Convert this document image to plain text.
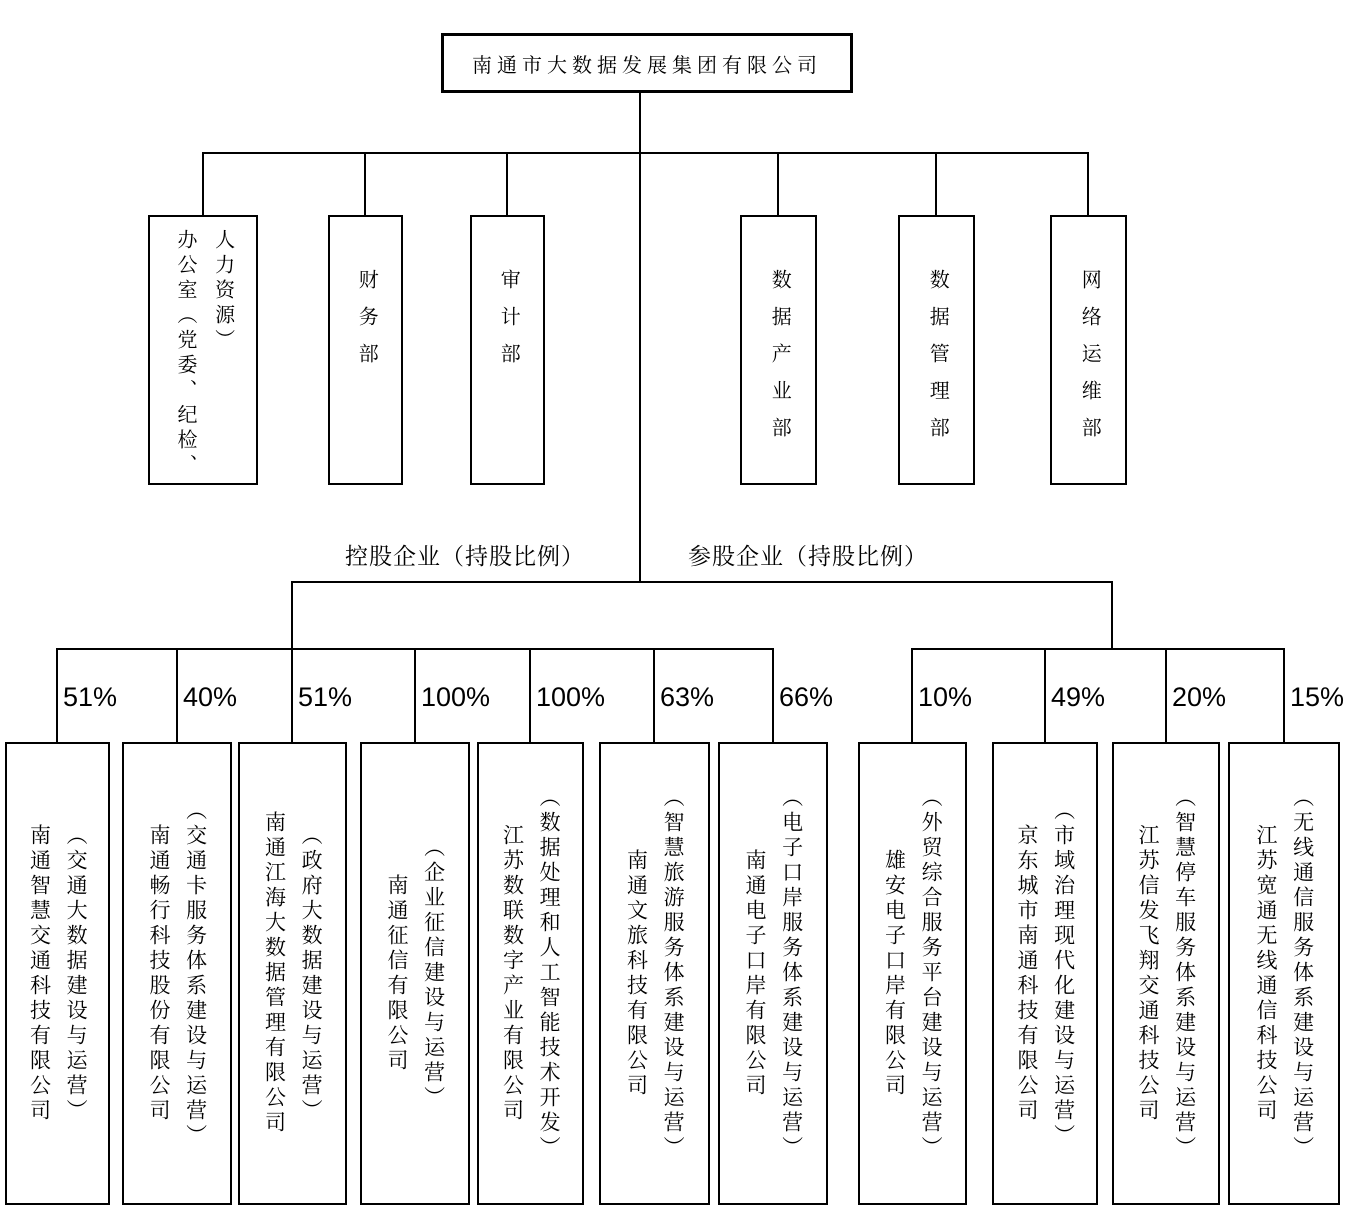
南通市大数据发展集团有限公司
办公室（党委、纪检、 人力资源）	财务部	审计部	数据产业部	数据管理部	网络运维部
控股企业（持股比例）	参股企业（持股比例）
51% 40% 51%	100% 100% 63% 66%	10%	49% 20% 15%
南通智慧交通科技有限公司 （交通大数据建设与运营）	南通畅行科技股份有限公司 （交通卡服务体系建设与运营）	南通江海大数据管理有限公司 （政府大数据建设与运营）	南通征信有限公司 （企业征信建设与运营）	江苏数联数字产业有限公司 （数据处理和人工智能技术开发）	南通文旅科技有限公司 （智慧旅游服务体系建设与运营）	南通电子口岸有限公司 （电子口岸服务体系建设与运营）	雄安电子口岸有限公司 （外贸综合服务平台建设与运营）	京东城市南通科技有限公司 （市域治理现代化建设与运营）	江苏信发飞翔交通科技公司 （智慧停车服务体系建设与运营）	江苏宽通无线通信科技公司 （无线通信服务体系建设与运营）
